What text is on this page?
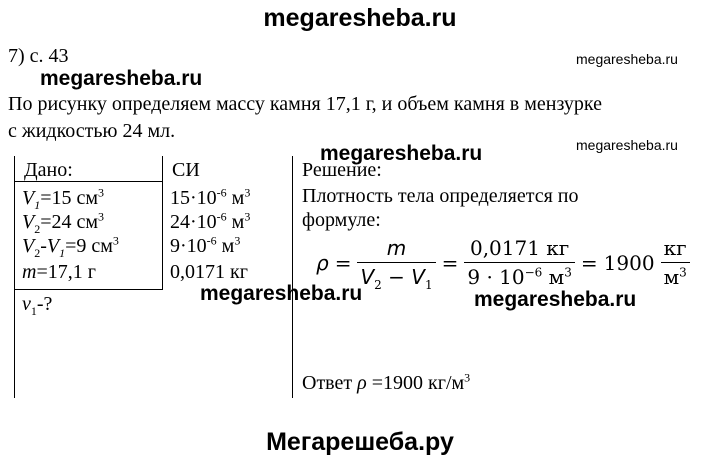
megaresheba.ru
7) с. 43	megaresheba.ru
megaresheba.ru
По рисунку определяем массу камня 17,1 г, и объем камня в мензурке
с жидкостью 24 мл.
megaresheba.ru
megaresheba.ru
Дано:
$V_1=15$ $см^3$
$V_2=24$ $см^3$
$V_2-V_1=9$ $см^3$
m=17,1 г
$v_1-$?
СИ
$15\cdot 10^{-6}$ $м^3$
$24\cdot 10^{-6}$ $м^3$
$9\cdot 10^{-6}$ $м^3$
0,0171 кг
megaresheba.ru
Решение:
Плотность тела определяется по
формуле:
$\rho = \frac{m}{V_2 - V_1} = \frac{0,0171 кг}{9 \cdot 10^{-6} м^3} = 1900 \frac{кг}{м^3}$
megaresheba.ru
Ответ ρ =1900 $кг/м^3$
Мегарешеба.ру
